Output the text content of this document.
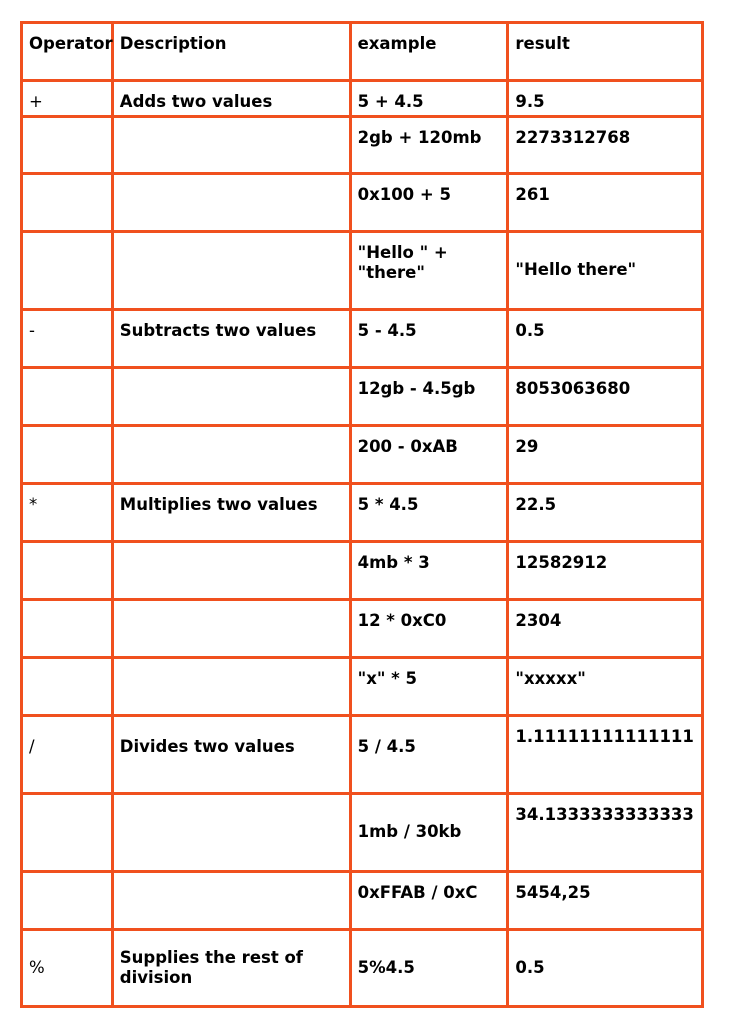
Operator	Description	example	result
+	Adds two values	5 + 4.5	9.5
		2gb + 120mb	2273312768
		0x100 + 5	261
		"Hello " + "there"	"Hello there"
-	Subtracts two values	5 - 4.5	0.5
		12gb - 4.5gb	8053063680
		200 - 0xAB	29
*	Multiplies two values	5 * 4.5	22.5
		4mb * 3	12582912
		12 * 0xC0	2304
		"x" * 5	"xxxxx"
/	Divides two values	5 / 4.5	1.11111111111111
		1mb / 30kb	34.1333333333333
		0xFFAB / 0xC	5454,25
%	Supplies the rest of division	5%4.5	0.5
